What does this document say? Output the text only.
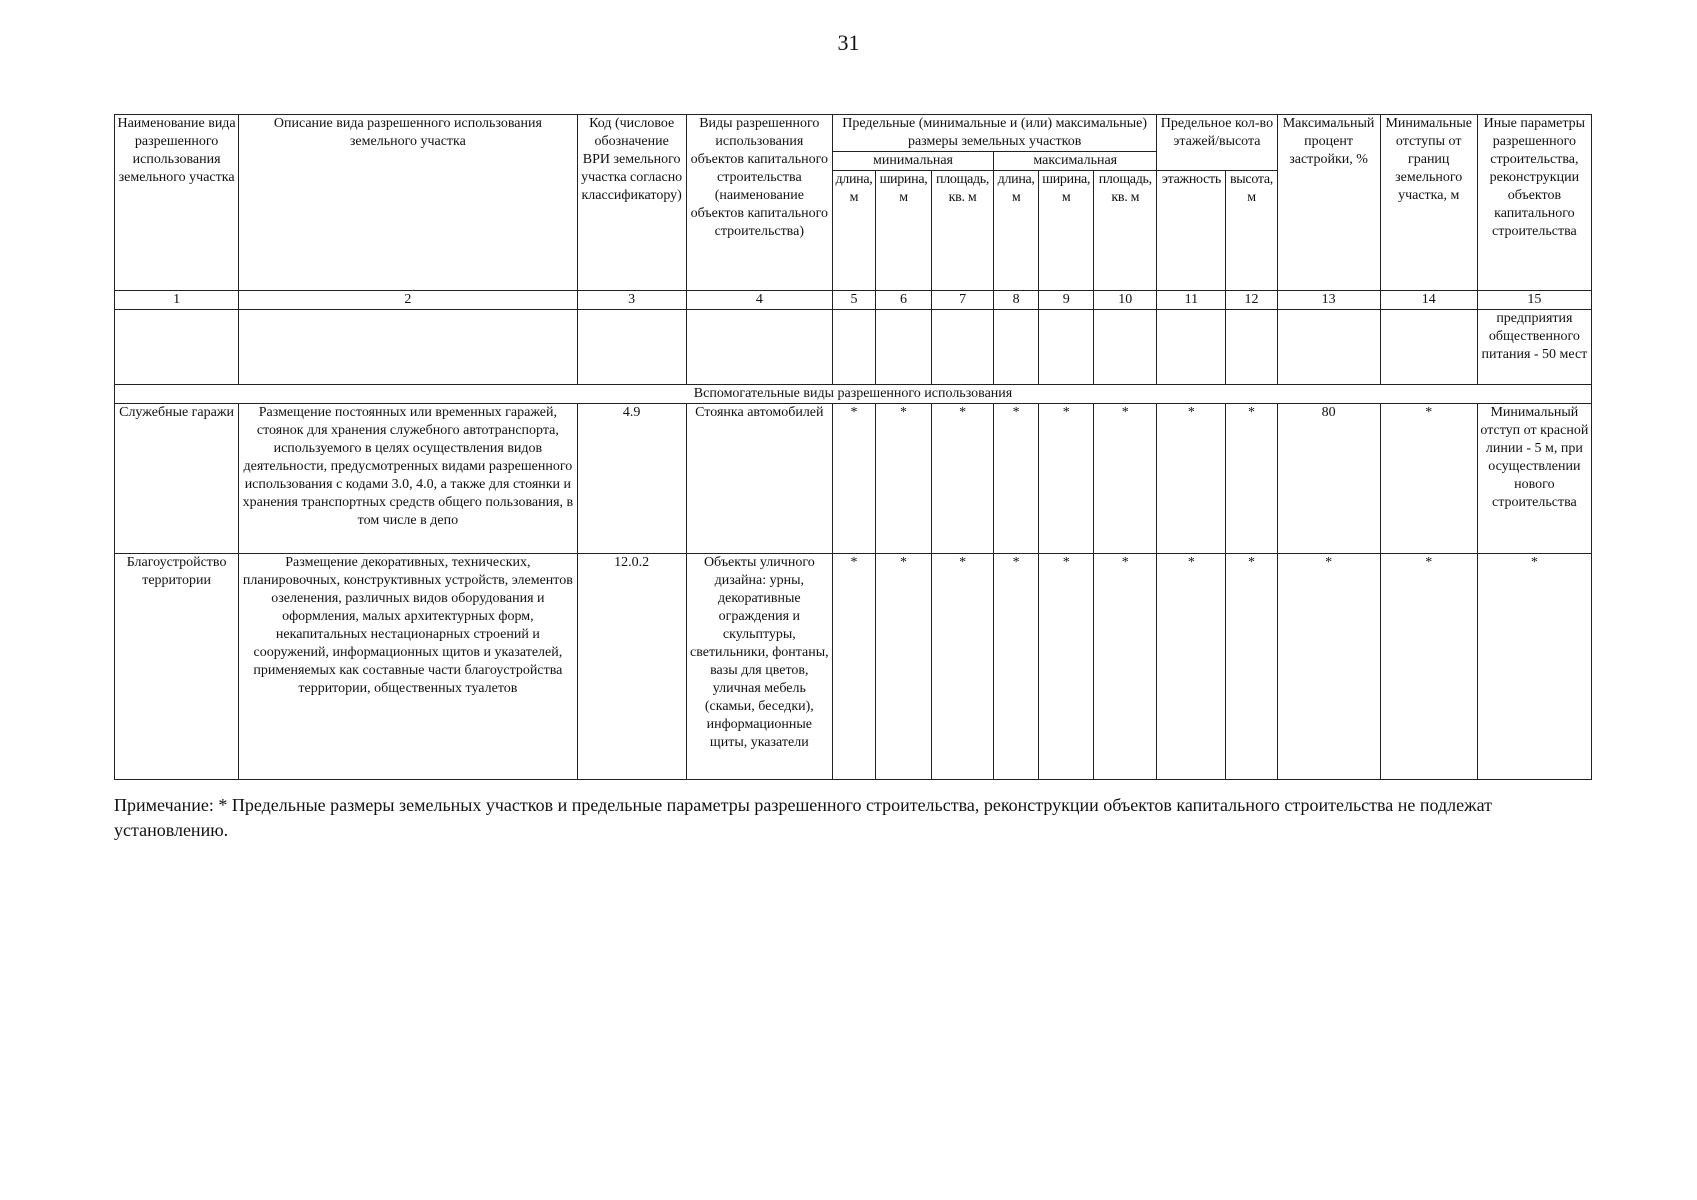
31
Наименование вида разрешенного использования земельного участка	Описание вида разрешенного использования земельного участка	Код (числовое обозначение ВРИ земельного участка согласно классификатору)	Виды разрешенного использования объектов капитального строительства (наименование объектов капитального строительства)	Предельные (минимальные и (или) максимальные) размеры земельных участков						Предельное кол-во этажей/высота		Максимальный процент застройки, %	Минимальные отступы от границ земельного участка, м	Иные параметры разрешенного строительства, реконструкции объектов капитального строительства
				минимальная			максимальная							
				длина, м	ширина, м	площадь, кв. м	длина, м	ширина, м	площадь, кв. м	этажность	высота, м			

1	2	3	4	5	6	7	8	9	10	11	12	13	14	15
														предприятия общественного питания - 50 мест
Вспомогательные виды разрешенного использования														
Служебные гаражи	Размещение постоянных или временных гаражей, стоянок для хранения служебного автотранспорта, используемого в целях осуществления видов деятельности, предусмотренных видами разрешенного использования с кодами 3.0, 4.0, а также для стоянки и хранения транспортных средств общего пользования, в том числе в депо	4.9	Стоянка автомобилей	*	*	*	*	*	*	*	*	80	*	Минимальный отступ от красной линии - 5 м, при осуществлении нового строительства
Благоустройство территории	Размещение декоративных, технических, планировочных, конструктивных устройств, элементов озеленения, различных видов оборудования и оформления, малых архитектурных форм, некапитальных нестационарных строений и сооружений, информационных щитов и указателей, применяемых как составные части благоустройства территории, общественных туалетов	12.0.2	Объекты уличного дизайна: урны, декоративные ограждения и скульптуры, светильники, фонтаны, вазы для цветов, уличная мебель (скамьи, беседки), информационные щиты, указатели	*	*	*	*	*	*	*	*	*	*	*
Примечание: * Предельные размеры земельных участков и предельные параметры разрешенного строительства, реконструкции объектов капитального строительства не подлежат установлению.
